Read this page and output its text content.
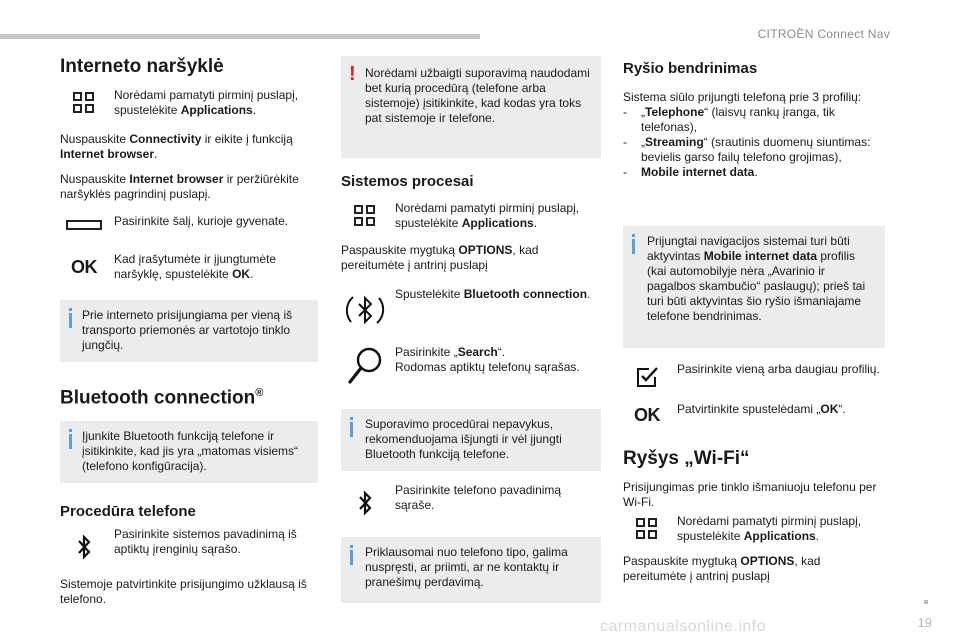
CITROËN Connect Nav
Interneto naršyklė

Norėdami pamatyti pirminį puslapį,
spustelėkite Applications.

Nuspauskite Connectivity ir eikite į funkciją Internet browser.

Nuspauskite Internet browser ir peržiūrėkite naršyklės pagrindinį puslapį.

Pasirinkite šalį, kurioje gyvenate.

OK	Kad įrašytumėte ir įjungtumėte naršyklę, spustelėkite OK.

Prie interneto prisijungiama per vieną iš transporto priemonės ar vartotojo tinklo jungčių.

Bluetooth connection®

Įjunkite Bluetooth funkciją telefone ir įsitikinkite, kad jis yra „matomas visiems“ (telefono konfigūracija).

Procedūra telefone

Pasirinkite sistemos pavadinimą iš aptiktų įrenginių sąrašo.

Sistemoje patvirtinkite prisijungimo užklausą iš telefono.

! Norėdami užbaigti suporavimą naudodami bet kurią procedūrą (telefone arba sistemoje) įsitikinkite, kad kodas yra toks pat sistemoje ir telefone.

Sistemos procesai

Norėdami pamatyti pirminį puslapį,
spustelėkite Applications.

Paspauskite mygtuką OPTIONS, kad pereitumėte į antrinį puslapį

Spustelėkite Bluetooth connection.

Pasirinkite „Search“.
Rodomas aptiktų telefonų sąrašas.

Suporavimo procedūrai nepavykus, rekomenduojama išjungti ir vėl įjungti Bluetooth funkciją telefone.

Pasirinkite telefono pavadinimą sąraše.

Priklausomai nuo telefono tipo, galima nuspręsti, ar priimti, ar ne kontaktų ir pranešimų perdavimą.

Ryšio bendrinimas

Sistema siūlo prijungti telefoną prie 3 profilių:

- „Telephone“ (laisvų rankų įranga, tik telefonas),
- „Streaming“ (srautinis duomenų siuntimas: bevielis garso failų telefono grojimas),
- Mobile internet data.

Prijungtai navigacijos sistemai turi būti aktyvintas Mobile internet data profilis (kai automobilyje nėra „Avarinio ir pagalbos skambučio“ paslaugų); prieš tai turi būti aktyvintas šio ryšio išmaniajame telefone bendrinimas.

Pasirinkite vieną arba daugiau profilių.

OK	Patvirtinkite spustelėdami „OK“.

Ryšys „Wi-Fi“

Prisijungimas prie tinklo išmaniuoju telefonu per Wi-Fi.

Norėdami pamatyti pirminį puslapį,
spustelėkite Applications.

Paspauskite mygtuką OPTIONS, kad pereitumėte į antrinį puslapį

19
carmanualsonline.info
